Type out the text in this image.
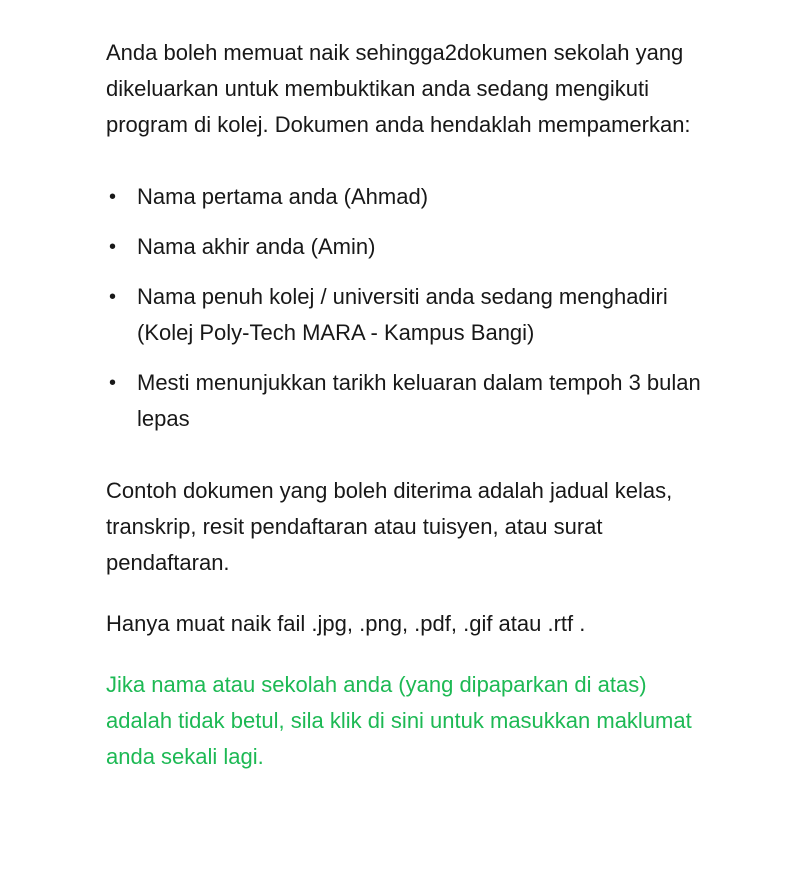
Anda boleh memuat naik sehingga2dokumen sekolah yang dikeluarkan untuk membuktikan anda sedang mengikuti program di kolej. Dokumen anda hendaklah mempamerkan:

• Nama pertama anda (Ahmad)
• Nama akhir anda (Amin)
• Nama penuh kolej / universiti anda sedang menghadiri (Kolej Poly-Tech MARA - Kampus Bangi)
• Mesti menunjukkan tarikh keluaran dalam tempoh 3 bulan lepas

Contoh dokumen yang boleh diterima adalah jadual kelas, transkrip, resit pendaftaran atau tuisyen, atau surat pendaftaran.

Hanya muat naik fail .jpg, .png, .pdf, .gif atau .rtf .

Jika nama atau sekolah anda (yang dipaparkan di atas) adalah tidak betul, sila klik di sini untuk masukkan maklumat anda sekali lagi.
